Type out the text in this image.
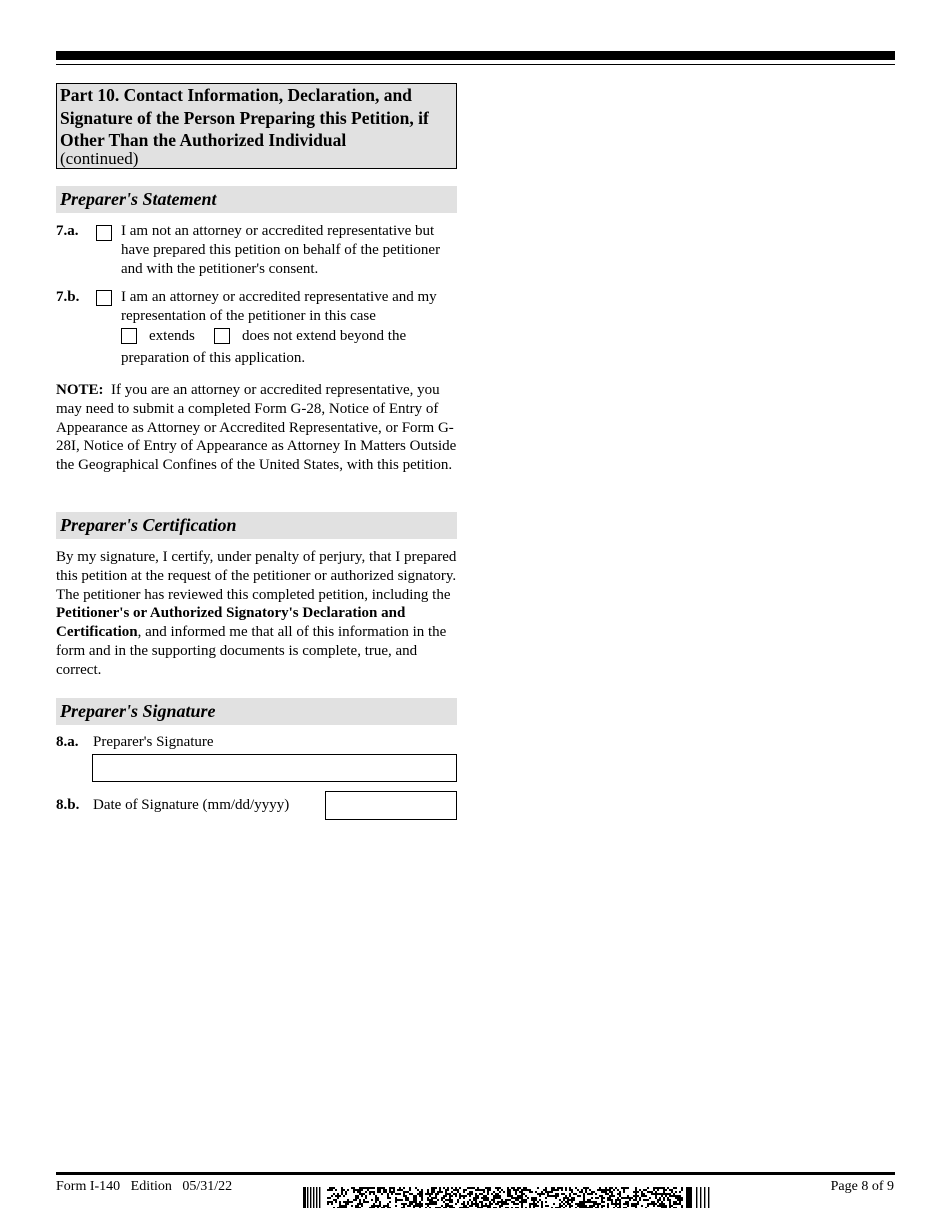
Part 10. Contact Information, Declaration, and Signature of the Person Preparing this Petition, if Other Than the Authorized Individual
(continued)
Preparer's Statement
7.a.	I am not an attorney or accredited representative but have prepared this petition on behalf of the petitioner and with the petitioner's consent.
7.b.	I am an attorney or accredited representative and my representation of the petitioner in this case
extends	does not extend beyond the
preparation of this application.
NOTE: If you are an attorney or accredited representative, you may need to submit a completed Form G-28, Notice of Entry of Appearance as Attorney or Accredited Representative, or Form G-28I, Notice of Entry of Appearance as Attorney In Matters Outside the Geographical Confines of the United States, with this petition.
Preparer's Certification
By my signature, I certify, under penalty of perjury, that I prepared this petition at the request of the petitioner or authorized signatory. The petitioner has reviewed this completed petition, including the Petitioner's or Authorized Signatory's Declaration and Certification, and informed me that all of this information in the form and in the supporting documents is complete, true, and correct.
Preparer's Signature
8.a. Preparer's Signature
8.b. Date of Signature (mm/dd/yyyy)
Form I-140   Edition   05/31/22	Page 8 of 9
